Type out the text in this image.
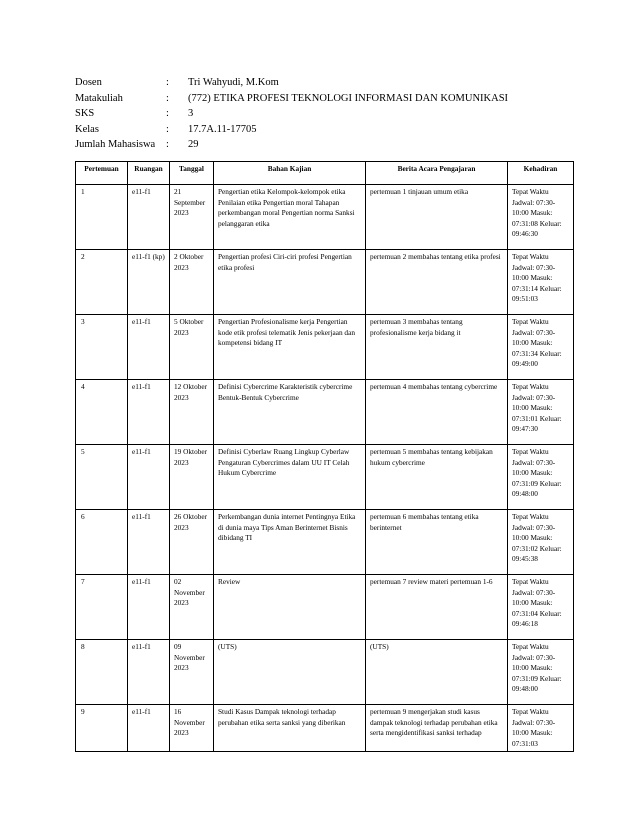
Dosen	:	Tri Wahyudi, M.Kom
Matakuliah	:	(772) ETIKA PROFESI TEKNOLOGI INFORMASI DAN KOMUNIKASI
SKS	:	3
Kelas	:	17.7A.11-17705
Jumlah Mahasiswa	:	29
Pertemuan	Ruangan	Tanggal	Bahan Kajian	Berita Acara Pengajaran	Kehadiran
1	e11-f1	21 September 2023	Pengertian etika Kelompok-kelompok etika Penilaian etika Pengertian moral Tahapan perkembangan moral Pengertian norma Sanksi pelanggaran etika	pertemuan 1 tinjauan umum etika	Tepat Waktu Jadwal: 07:30-10:00 Masuk: 07:31:08 Keluar: 09:46:30
2	e11-f1 (kp)	2 Oktober 2023	Pengertian profesi Ciri-ciri profesi Pengertian etika profesi	pertemuan 2 membahas tentang etika profesi	Tepat Waktu Jadwal: 07:30-10:00 Masuk: 07:31:14 Keluar: 09:51:03
3	e11-f1	5 Oktober 2023	Pengertian Profesionalisme kerja Pengertian kode etik profesi telematik Jenis pekerjaan dan kompetensi bidang IT	pertemuan 3 membahas tentang profesionalisme kerja bidang it	Tepat Waktu Jadwal: 07:30-10:00 Masuk: 07:31:34 Keluar: 09:49:00
4	e11-f1	12 Oktober 2023	Definisi Cybercrime Karakteristik cybercrime Bentuk-Bentuk Cybercrime	pertemuan 4 membahas tentang cybercrime	Tepat Waktu Jadwal: 07:30-10:00 Masuk: 07:31:01 Keluar: 09:47:30
5	e11-f1	19 Oktober 2023	Definisi Cyberlaw Ruang Lingkup Cyberlaw Pengaturan Cybercrimes dalam UU IT Celah Hukum Cybercrime	pertemuan 5 membahas tentang kebijakan hukum cybercrime	Tepat Waktu Jadwal: 07:30-10:00 Masuk: 07:31:09 Keluar: 09:48:00
6	e11-f1	26 Oktober 2023	Perkembangan dunia internet Pentingnya Etika di dunia maya Tips Aman Berinternet Bisnis dibidang TI	pertemuan 6 membahas tentang etika berinternet	Tepat Waktu Jadwal: 07:30-10:00 Masuk: 07:31:02 Keluar: 09:45:38
7	e11-f1	02 November 2023	Review	pertemuan 7 review materi pertemuan 1-6	Tepat Waktu Jadwal: 07:30-10:00 Masuk: 07:31:04 Keluar: 09:46:18
8	e11-f1	09 November 2023	(UTS)	(UTS)	Tepat Waktu Jadwal: 07:30-10:00 Masuk: 07:31:09 Keluar: 09:48:00
9	e11-f1	16 November 2023	Studi Kasus Dampak teknologi terhadap perubahan etika serta sanksi yang diberikan	pertemuan 9 mengerjakan studi kasus dampak teknologi terhadap perubahan etika serta mengidentifikasi sanksi terhadap	Tepat Waktu Jadwal: 07:30-10:00 Masuk: 07:31:03
